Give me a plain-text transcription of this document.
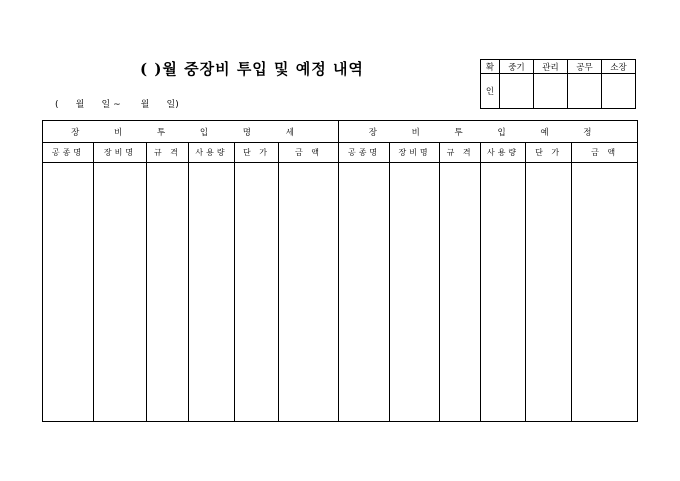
( )월 중장비 투입 및 예정 내역
(      월      일 ~       월      일)
확	중기	관리	공무	소장
인				
장 비 투 입 명 세						장 비 투 입 예 정					
공종명	장비명	규 격	사용량	단 가	금 액	공종명	장비명	규 격	사용량	단 가	금 액
